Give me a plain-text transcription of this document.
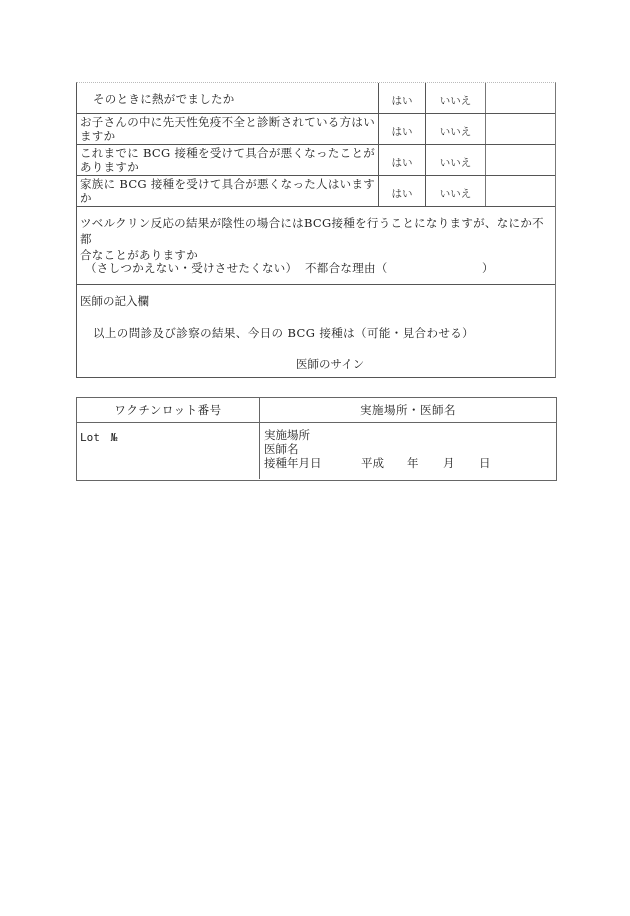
そのときに熱がでましたか	はい	いいえ
お子さんの中に先天性免疫不全と診断されている方はいますか	はい	いいえ
これまでに BCG 接種を受けて具合が悪くなったことがありますか	はい	いいえ
家族に BCG 接種を受けて具合が悪くなった人はいますか	はい	いいえ
ツベルクリン反応の結果が陰性の場合にはBCG接種を行うことになりますが、なにか不都
合なことがありますか
（さしつかえない・受けさせたくない） 不都合な理由（　　　　　　　　）
医師の記入欄
以上の問診及び診察の結果、今日の BCG 接種は（可能・見合わせる）
医師のサイン
ワクチンロット番号	実施場所・医師名
Lot　№	実施場所
医師名
接種年月日	平成	年	月	日
